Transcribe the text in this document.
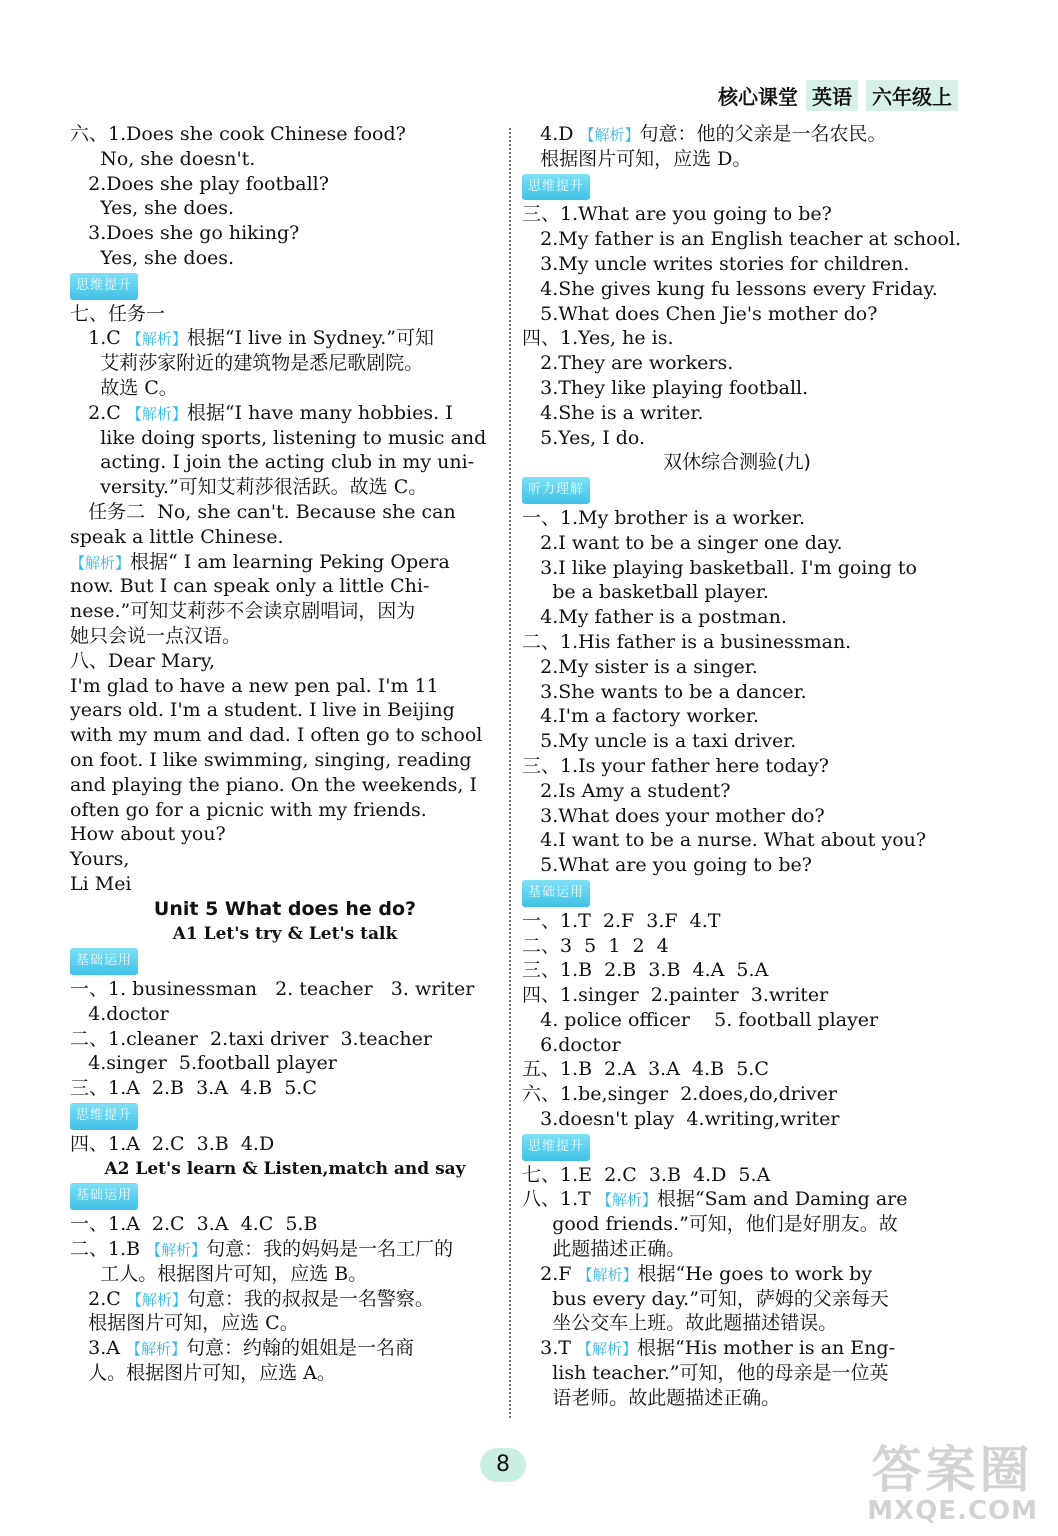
核心课堂 英语	六年级上
六、1.Does she cook Chinese food?
No, she doesn't.
2.Does she play football?
Yes, she does.
3.Does she go hiking?
Yes, she does.
思维提升
七、任务一
1.C 【解析】根据“I live in Sydney.”可知
艾莉莎家附近的建筑物是悉尼歌剧院。
故选 C。
2.C 【解析】根据“I have many hobbies. I
like doing sports, listening to music and
acting. I join the acting club in my uni-
versity.”可知艾莉莎很活跃。故选 C。
任务二  No, she can't. Because she can
speak a little Chinese.
【解析】根据“ I am learning Peking Opera
now. But I can speak only a little Chi-
nese.”可知艾莉莎不会读京剧唱词，因为
她只会说一点汉语。
八、Dear Mary,
I'm glad to have a new pen pal. I'm 11
years old. I'm a student. I live in Beijing
with my mum and dad. I often go to school
on foot. I like swimming, singing, reading
and playing the piano. On the weekends, I
often go for a picnic with my friends.
How about you?
Yours,
Li Mei
Unit 5 What does he do?
A1 Let's try & Let's talk
基础运用
一、1. businessman   2. teacher   3. writer
4.doctor
二、1.cleaner  2.taxi driver  3.teacher
4.singer  5.football player
三、1.A  2.B  3.A  4.B  5.C
思维提升
四、1.A  2.C  3.B  4.D
A2 Let's learn & Listen,match and say
基础运用
一、1.A  2.C  3.A  4.C  5.B
二、1.B 【解析】句意：我的妈妈是一名工厂的
工人。根据图片可知，应选 B。
2.C 【解析】句意：我的叔叔是一名警察。
根据图片可知，应选 C。
3.A 【解析】句意：约翰的姐姐是一名商
人。根据图片可知，应选 A。
4.D 【解析】句意：他的父亲是一名农民。
根据图片可知，应选 D。
思维提升
三、1.What are you going to be?
2.My father is an English teacher at school.
3.My uncle writes stories for children.
4.She gives kung fu lessons every Friday.
5.What does Chen Jie's mother do?
四、1.Yes, he is.
2.They are workers.
3.They like playing football.
4.She is a writer.
5.Yes, I do.
双休综合测验(九)
听力理解
一、1.My brother is a worker.
2.I want to be a singer one day.
3.I like playing basketball. I'm going to
be a basketball player.
4.My father is a postman.
二、1.His father is a businessman.
2.My sister is a singer.
3.She wants to be a dancer.
4.I'm a factory worker.
5.My uncle is a taxi driver.
三、1.Is your father here today?
2.Is Amy a student?
3.What does your mother do?
4.I want to be a nurse. What about you?
5.What are you going to be?
基础运用
一、1.T  2.F  3.F  4.T
二、3  5  1  2  4
三、1.B  2.B  3.B  4.A  5.A
四、1.singer  2.painter  3.writer
4. police officer    5. football player
6.doctor
五、1.B  2.A  3.A  4.B  5.C
六、1.be,singer  2.does,do,driver
3.doesn't play  4.writing,writer
思维提升
七、1.E  2.C  3.B  4.D  5.A
八、1.T 【解析】根据“Sam and Daming are
good friends.”可知，他们是好朋友。故
此题描述正确。
2.F 【解析】根据“He goes to work by
bus every day.”可知，萨姆的父亲每天
坐公交车上班。故此题描述错误。
3.T 【解析】根据“His mother is an Eng-
lish teacher.”可知，他的母亲是一位英
语老师。故此题描述正确。
8	答案圈
MXQE.COM
